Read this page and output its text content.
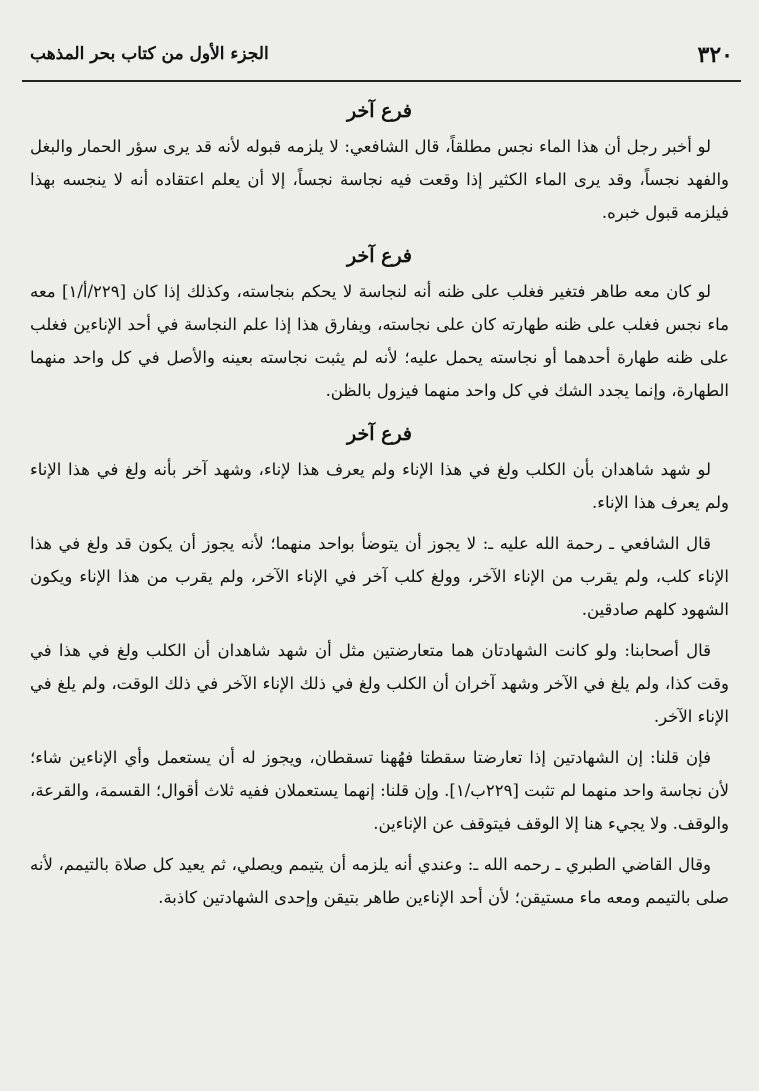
٣٢٠
الجزء الأول من كتاب بحر المذهب
فرع آخر

لو أخبر رجل أن هذا الماء نجس مطلقاً، قال الشافعي: لا يلزمه قبوله لأنه قد يرى سؤر الحمار والبغل والفهد نجساً، وقد يرى الماء الكثير إذا وقعت فيه نجاسة نجساً، إلا أن يعلم اعتقاده أنه لا ينجسه بهذا فيلزمه قبول خبره.

فرع آخر

لو كان معه طاهر فتغير فغلب على ظنه أنه لنجاسة لا يحكم بنجاسته، وكذلك إذا كان [٢٢٩/أ/١] معه ماء نجس فغلب على ظنه طهارته كان على نجاسته، ويفارق هذا إذا علم النجاسة في أحد الإناءين فغلب على ظنه طهارة أحدهما أو نجاسته يحمل عليه؛ لأنه لم يثبت نجاسته بعينه والأصل في كل واحد منهما الطهارة، وإنما يجدد الشك في كل واحد منهما فيزول بالظن.

فرع آخر

لو شهد شاهدان بأن الكلب ولغ في هذا الإناء ولم يعرف هذا لإناء، وشهد آخر بأنه ولغ في هذا الإناء ولم يعرف هذا الإناء.

قال الشافعي ـ رحمة الله عليه ـ: لا يجوز أن يتوضأ بواحد منهما؛ لأنه يجوز أن يكون قد ولغ في هذا الإناء كلب، ولم يقرب من الإناء الآخر، وولغ كلب آخر في الإناء الآخر، ولم يقرب من هذا الإناء ويكون الشهود كلهم صادقين.

قال أصحابنا: ولو كانت الشهادتان هما متعارضتين مثل أن شهد شاهدان أن الكلب ولغ في هذا في وقت كذا، ولم يلغ في الآخر وشهد آخران أن الكلب ولغ في ذلك الإناء الآخر في ذلك الوقت، ولم يلغ في الإناء الآخر.

فإن قلنا: إن الشهادتين إذا تعارضتا سقطتا فهُهنا تسقطان، ويجوز له أن يستعمل وأي الإناءين شاء؛ لأن نجاسة واحد منهما لم تثبت [٢٢٩ب/١]. وإن قلنا: إنهما يستعملان ففيه ثلاث أقوال؛ القسمة، والقرعة، والوقف. ولا يجيء هنا إلا الوقف فيتوقف عن الإناءين.

وقال القاضي الطبري ـ رحمه الله ـ: وعندي أنه يلزمه أن يتيمم ويصلي، ثم يعيد كل صلاة بالتيمم، لأنه صلى بالتيمم ومعه ماء مستيقن؛ لأن أحد الإناءين طاهر بتيقن وإحدى الشهادتين كاذبة.
